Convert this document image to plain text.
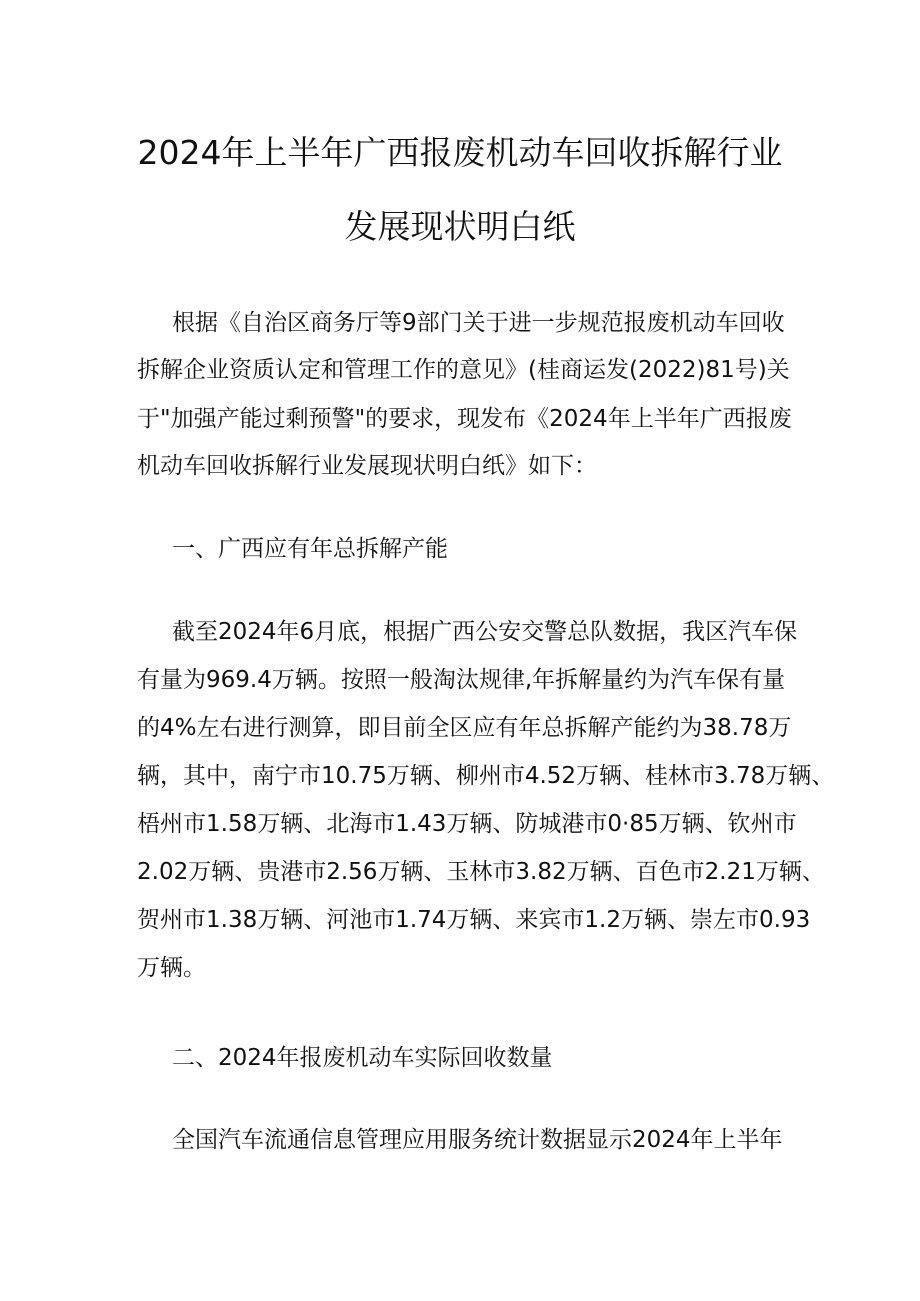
2024年上半年广西报废机动车回收拆解行业
发展现状明白纸

根据《自治区商务厅等9部门关于进一步规范报废机动车回收

拆解企业资质认定和管理工作的意见》(桂商运发(2022)81号)关

于"加强产能过剩预警"的要求，现发布《2024年上半年广西报废

机动车回收拆解行业发展现状明白纸》如下：

一、广西应有年总拆解产能

截至2024年6月底，根据广西公安交警总队数据，我区汽车保

有量为969.4万辆。按照一般淘汰规律,年拆解量约为汽车保有量

的4%左右进行测算，即目前全区应有年总拆解产能约为38.78万

辆，其中，南宁市10.75万辆、柳州市4.52万辆、桂林市3.78万辆、

梧州市1.58万辆、北海市1.43万辆、防城港市0·85万辆、钦州市

2.02万辆、贵港市2.56万辆、玉林市3.82万辆、百色市2.21万辆、

贺州市1.38万辆、河池市1.74万辆、来宾市1.2万辆、崇左市0.93

万辆。

二、2024年报废机动车实际回收数量

全国汽车流通信息管理应用服务统计数据显示2024年上半年
